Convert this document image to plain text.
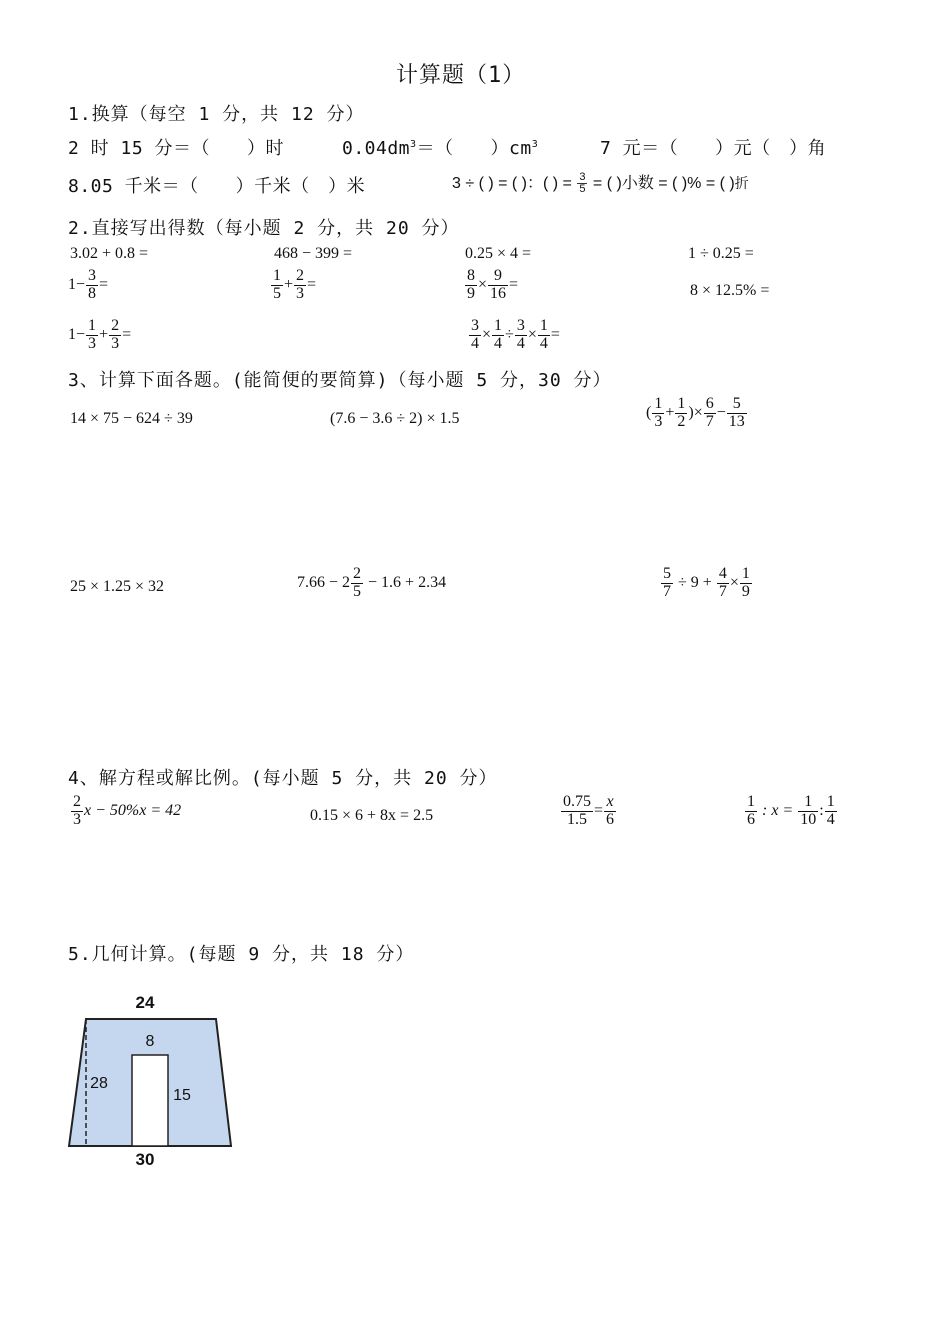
计算题（1）
1.换算（每空 1 分，共 12 分）
2 时 15 分＝（　　）时	$0.04dm^3=$（　　）$cm^3$	7 元＝（　　）元（　）角
8.05 千米＝（　　）千米（　）米	3 ÷ ( ) = ( )：( ) = $\frac{3}{5}$ = ( )小数 = ( )% = ( )折
2.直接写出得数（每小题 2 分，共 20 分）
3.02 + 0.8 =	468 − 399 =	0.25 × 4 =	1 ÷ 0.25 =
$1- \frac{3}{8}$ =	$\frac{1}{5} + \frac{2}{3}$ =	$\frac{8}{9} \times \frac{9}{16}$ =	8 × 12.5% =
$1- \frac{1}{3} + \frac{2}{3}$ =	$\frac{3}{4} \times \frac{1}{4} \div \frac{3}{4} \times \frac{1}{4}$ =
3、计算下面各题。(能简便的要简算)（每小题 5 分，30 分）
14 × 75 − 624 ÷ 39	(7.6 − 3.6 ÷ 2) × 1.5	( $\frac{1}{3} + \frac{1}{2}$ )× $\frac{6}{7} - \frac{5}{13}$
25 × 1.25 × 32	$7.66 - 2 \frac{2}{5} - 1.6 + 2.34$	$\frac{5}{7} \div 9 + \frac{4}{7} \times \frac{1}{9}$
4、解方程或解比例。(每小题 5 分，共 20 分）
$\frac{2}{3}$ x − 50%x = 42	0.15 × 6 + 8x = 2.5	$\frac{0.75}{1.5} = \frac{x}{6}$	$\frac{1}{6}$ : $x = \frac{1}{10}$ : $\frac{1}{4}$
5.几何计算。(每题 9 分，共 18 分）
24
30
28
8
15
